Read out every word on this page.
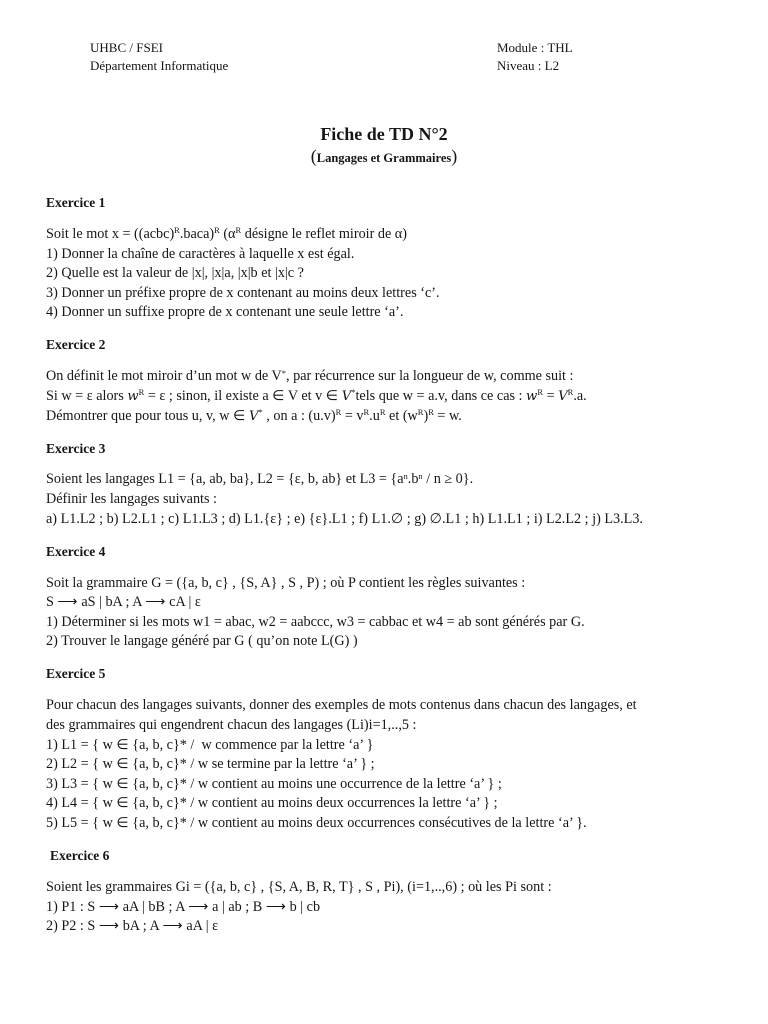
UHBC / FSEI
Département Informatique
Module : THL
Niveau : L2
Fiche de TD N°2
(Langages et Grammaires)
Exercice 1
Soit le mot x = ((acbc)$^R$.baca)$^R$ ($\alpha^R$ désigne le reflet miroir de α)
1) Donner la chaîne de caractères à laquelle x est égal.
2) Quelle est la valeur de |x|, |x|a, |x|b et |x|c ?
3) Donner un préfixe propre de x contenant au moins deux lettres ‘c’.
4) Donner un suffixe propre de x contenant une seule lettre ‘a’.
Exercice 2
On définit le mot miroir d’un mot w de V*, par récurrence sur la longueur de w, comme suit :
Si w = ε alors $w^R = \varepsilon$ ; sinon, il existe a ∈ V et v ∈ V*tels que w = a.v, dans ce cas : $w^R = V^R.a$.
Démontrer que pour tous u, v, w ∈ V* , on a : $(u.v)^R = v^R.u^R$ et $(w^R)^R = w$.
Exercice 3
Soient les langages L1 = {a, ab, ba}, L2 = {ε, b, ab} et $L3 = \{a^n.b^n / n \ge 0\}$.
Définir les langages suivants :
a) L1.L2 ; b) L2.L1 ; c) L1.L3 ; d) L1.{ε} ; e) {ε}.L1 ; f) L1.∅ ; g) ∅.L1 ; h) L1.L1 ; i) L2.L2 ; j) L3.L3.
Exercice 4
Soit la grammaire G = ({a, b, c} , {S, A} , S , P) ; où P contient les règles suivantes :
S ⟶ aS | bA ; A ⟶ cA | ε
1) Déterminer si les mots w1 = abac, w2 = aabccc, w3 = cabbac et w4 = ab sont générés par G.
2) Trouver le langage généré par G ( qu’on note L(G) )
Exercice 5
Pour chacun des langages suivants, donner des exemples de mots contenus dans chacun des langages, et
des grammaires qui engendrent chacun des langages (Li)i=1,..,5 :
1) L1 = { w ∈ {a, b, c}* /  w commence par la lettre ‘a’ }
2) L2 = { w ∈ {a, b, c}* / w se termine par la lettre ‘a’ } ;
3) L3 = { w ∈ {a, b, c}* / w contient au moins une occurrence de la lettre ‘a’ } ;
4) L4 = { w ∈ {a, b, c}* / w contient au moins deux occurrences la lettre ‘a’ } ;
5) L5 = { w ∈ {a, b, c}* / w contient au moins deux occurrences consécutives de la lettre ‘a’ }.
Exercice 6
Soient les grammaires Gi = ({a, b, c} , {S, A, B, R, T} , S , Pi), (i=1,..,6) ; où les Pi sont :
1) P1 : S ⟶ aA | bB ; A ⟶ a | ab ; B ⟶ b | cb
2) P2 : S ⟶ bA ; A ⟶ aA | ε
